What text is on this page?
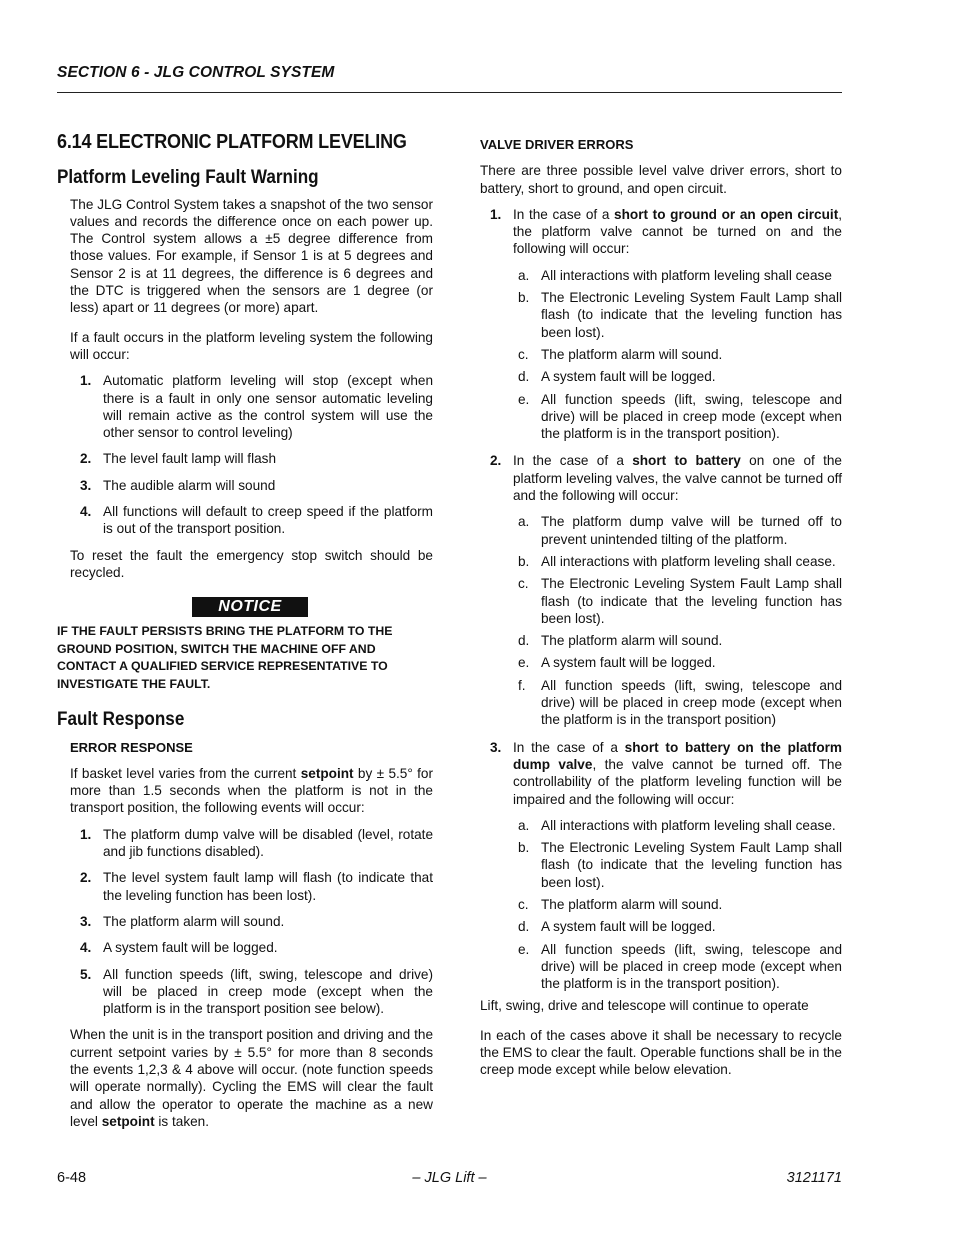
SECTION 6 - JLG CONTROL SYSTEM
6.14 ELECTRONIC PLATFORM LEVELING
Platform Leveling Fault Warning

The JLG Control System takes a snapshot of the two sensor values and records the difference once on each power up. The Control system allows a ±5 degree difference from those values. For example, if Sensor 1 is at 5 degrees and Sensor 2 is at 11 degrees, the difference is 6 degrees and the DTC is triggered when the sensors are 1 degree (or less) apart or 11 degrees (or more) apart.

If a fault occurs in the platform leveling system the following will occur:

1. Automatic platform leveling will stop (except when there is a fault in only one sensor automatic leveling will remain active as the control system will use the other sensor to control leveling)
2. The level fault lamp will flash
3. The audible alarm will sound
4. All functions will default to creep speed if the platform is out of the transport position.

To reset the fault the emergency stop switch should be recycled.

NOTICE
IF THE FAULT PERSISTS BRING THE PLATFORM TO THE GROUND POSITION, SWITCH THE MACHINE OFF AND CONTACT A QUALIFIED SERVICE REPRESENTATIVE TO INVESTIGATE THE FAULT.
Fault Response
ERROR RESPONSE

If basket level varies from the current setpoint by ± 5.5° for more than 1.5 seconds when the platform is not in the transport position, the following events will occur:

1. The platform dump valve will be disabled (level, rotate and jib functions disabled).
2. The level system fault lamp will flash (to indicate that the leveling function has been lost).
3. The platform alarm will sound.
4. A system fault will be logged.
5. All function speeds (lift, swing, telescope and drive) will be placed in creep mode (except when the platform is in the transport position see below).

When the unit is in the transport position and driving and the current setpoint varies by ± 5.5° for more than 8 seconds the events 1,2,3 & 4 above will occur. (note function speeds will operate normally). Cycling the EMS will clear the fault and allow the operator to operate the machine as a new level setpoint is taken.

VALVE DRIVER ERRORS

There are three possible level valve driver errors, short to battery, short to ground, and open circuit.

1. In the case of a short to ground or an open circuit, the platform valve cannot be turned on and the following will occur:
a. All interactions with platform leveling shall cease
b. The Electronic Leveling System Fault Lamp shall flash (to indicate that the leveling function has been lost).
c. The platform alarm will sound.
d. A system fault will be logged.
e. All function speeds (lift, swing, telescope and drive) will be placed in creep mode (except when the platform is in the transport position).
2. In the case of a short to battery on one of the platform leveling valves, the valve cannot be turned off and the following will occur:
a. The platform dump valve will be turned off to prevent unintended tilting of the platform.
b. All interactions with platform leveling shall cease.
c. The Electronic Leveling System Fault Lamp shall flash (to indicate that the leveling function has been lost).
d. The platform alarm will sound.
e. A system fault will be logged.
f.	All function speeds (lift, swing, telescope and drive) will be placed in creep mode (except when the platform is in the transport position)
3. In the case of a short to battery on the platform dump valve, the valve cannot be turned off. The controllability of the platform leveling function will be impaired and the following will occur:
a. All interactions with platform leveling shall cease.
b. The Electronic Leveling System Fault Lamp shall flash (to indicate that the leveling function has been lost).
c. The platform alarm will sound.
d. A system fault will be logged.
e. All function speeds (lift, swing, telescope and drive) will be placed in creep mode (except when the platform is in the transport position).

Lift, swing, drive and telescope will continue to operate

In each of the cases above it shall be necessary to recycle the EMS to clear the fault. Operable functions shall be in the creep mode except while below elevation.

6-48	– JLG Lift –	3121171
